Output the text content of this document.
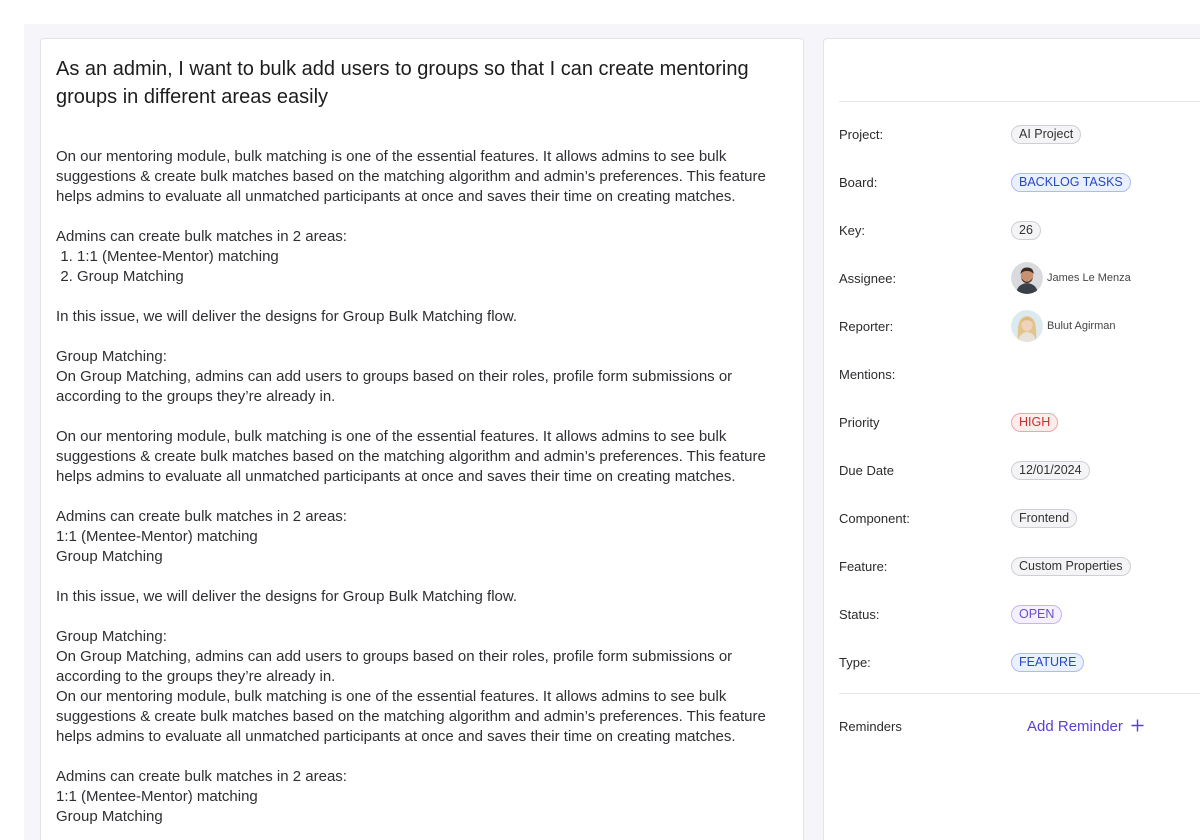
As an admin, I want to bulk add users to groups so that I can create mentoring groups in different areas easily

On our mentoring module, bulk matching is one of the essential features. It allows admins to see bulk suggestions & create bulk matches based on the matching algorithm and admin’s preferences. This feature helps admins to evaluate all unmatched participants at once and saves their time on creating matches.

Admins can create bulk matches in 2 areas:

1. 1:1 (Mentee-Mentor) matching
2. Group Matching

In this issue, we will deliver the designs for Group Bulk Matching flow.

Group Matching:

On Group Matching, admins can add users to groups based on their roles, profile form submissions or according to the groups they’re already in.

On our mentoring module, bulk matching is one of the essential features. It allows admins to see bulk suggestions & create bulk matches based on the matching algorithm and admin’s preferences. This feature helps admins to evaluate all unmatched participants at once and saves their time on creating matches.

Admins can create bulk matches in 2 areas:

1:1 (Mentee-Mentor) matching

Group Matching

In this issue, we will deliver the designs for Group Bulk Matching flow.

Group Matching:

On Group Matching, admins can add users to groups based on their roles, profile form submissions or according to the groups they’re already in.

On our mentoring module, bulk matching is one of the essential features. It allows admins to see bulk suggestions & create bulk matches based on the matching algorithm and admin’s preferences. This feature helps admins to evaluate all unmatched participants at once and saves their time on creating matches.

Admins can create bulk matches in 2 areas:

1:1 (Mentee-Mentor) matching

Group Matching

Project:	AI Project
Board:	BACKLOG TASKS
Key:	26
Assignee:	James Le Menza
Reporter:	Bulut Agirman
Mentions:
Priority	HIGH
Due Date	12/01/2024
Component:	Frontend
Feature:	Custom Properties
Status:	OPEN
Type:	FEATURE
Reminders	Add Reminder
